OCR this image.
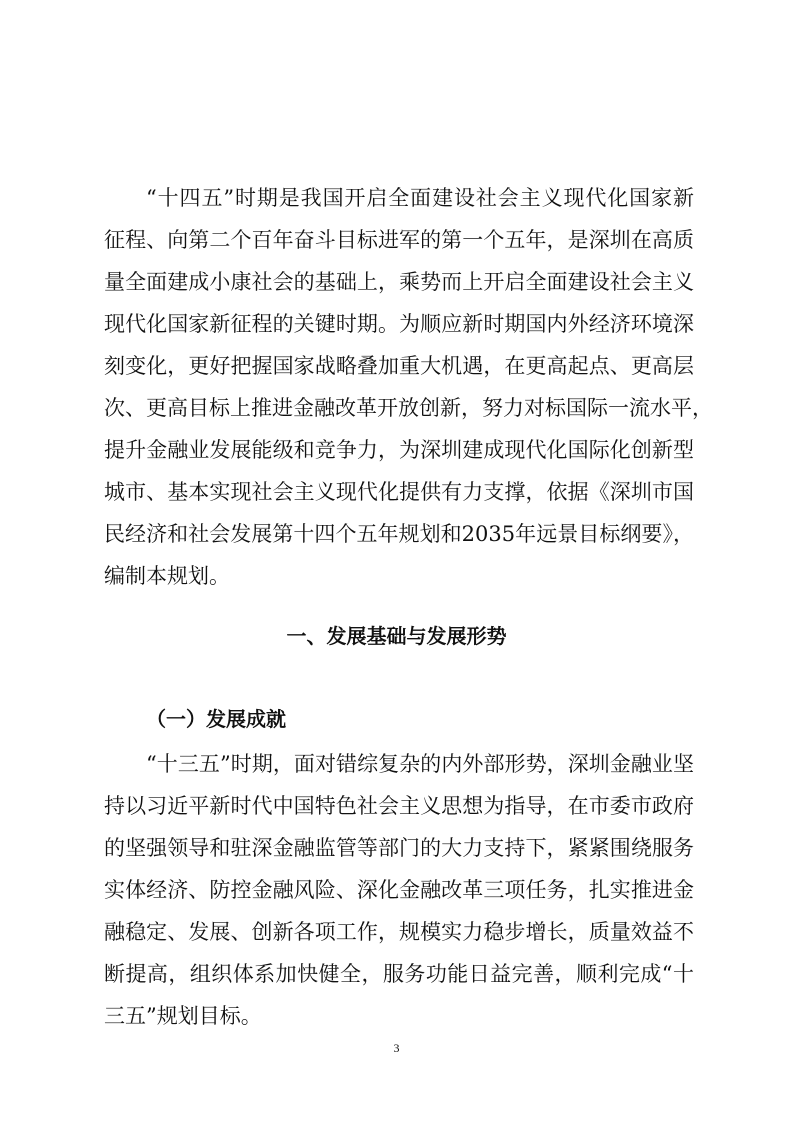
“十四五”时期是我国开启全面建设社会主义现代化国家新
征程、向第二个百年奋斗目标进军的第一个五年，是深圳在高质
量全面建成小康社会的基础上，乘势而上开启全面建设社会主义
现代化国家新征程的关键时期。为顺应新时期国内外经济环境深
刻变化，更好把握国家战略叠加重大机遇，在更高起点、更高层
次、更高目标上推进金融改革开放创新，努力对标国际一流水平，
提升金融业发展能级和竞争力，为深圳建成现代化国际化创新型
城市、基本实现社会主义现代化提供有力支撑，依据《深圳市国
民经济和社会发展第十四个五年规划和2035年远景目标纲要》，
编制本规划。
一、发展基础与发展形势
（一）发展成就
“十三五”时期，面对错综复杂的内外部形势，深圳金融业坚
持以习近平新时代中国特色社会主义思想为指导，在市委市政府
的坚强领导和驻深金融监管等部门的大力支持下，紧紧围绕服务
实体经济、防控金融风险、深化金融改革三项任务，扎实推进金
融稳定、发展、创新各项工作，规模实力稳步增长，质量效益不
断提高，组织体系加快健全，服务功能日益完善，顺利完成“十
三五”规划目标。
3
